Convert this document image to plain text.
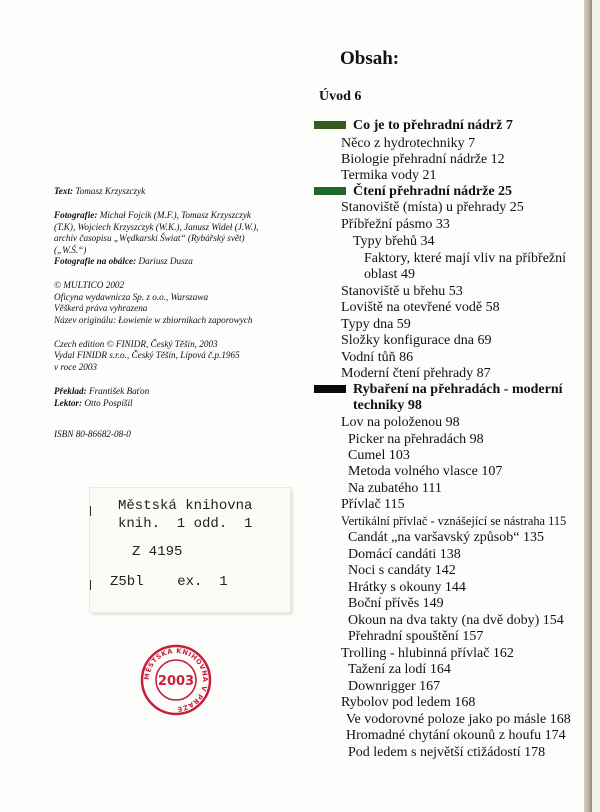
Text: Tomasz Krzyszczyk

Fotografie: Michał Fojcik (M.F.), Tomasz Krzyszczyk

(T.K), Wojciech Krzyszczyk (W.K.), Janusz Wideł (J.W.),

archív časopisu „Wędkarski Świat“ (Rybářský svět)

(„W.Ś.“)

Fotografie na obálce: Dariusz Dusza

© MULTICO 2002

Oficyna wydawnicza Sp. z o.o., Warszawa

Věškerá práva vyhrazena

Název originálu: Łowienie w zbiornikach zaporowych

Czech edition © FINIDR, Český Těšín, 2003

Vydal FINIDR s.r.o., Český Těšín, Lípová č.p.1965

v roce 2003

Překlad: František Baťon

Lektor: Otto Pospíšil

ISBN 80-86682-08-0

Městská knihovna
knih.  1 odd.  1
Z 4195
Z5bl    ex.  1
MĚSTSKÁ KNIHOVNA V PRAZE
2003
Obsah:
Úvod 6
Co je to přehradní nádrž 7
Něco z hydrotechniky 7
Biologie přehradní nádrže 12
Termika vody 21
Čtení přehradní nádrže 25
Stanoviště (místa) u přehrady 25
Příbřežní pásmo 33
Typy břehů 34
Faktory, které mají vliv na příbřežní
oblast 49
Stanoviště u břehu 53
Loviště na otevřené vodě 58
Typy dna 59
Složky konfigurace dna 69
Vodní tůň 86
Moderní čtení přehrady 87
Rybaření na přehradách - moderní
techniky 98
Lov na položenou 98
Picker na přehradách 98
Cumel 103
Metoda volného vlasce 107
Na zubatého 111
Přívlač 115
Vertikální přívlač - vznášející se nástraha 115
Candát „na varšavský způsob“ 135
Domácí candáti 138
Noci s candáty 142
Hrátky s okouny 144
Boční přívěs 149
Okoun na dva takty (na dvě doby) 154
Přehradní spouštění 157
Trolling - hlubinná přívlač 162
Tažení za lodí 164
Downrigger 167
Rybolov pod ledem 168
Ve vodorovné poloze jako po másle 168
Hromadné chytání okounů z houfu 174
Pod ledem s největší ctižádostí 178
